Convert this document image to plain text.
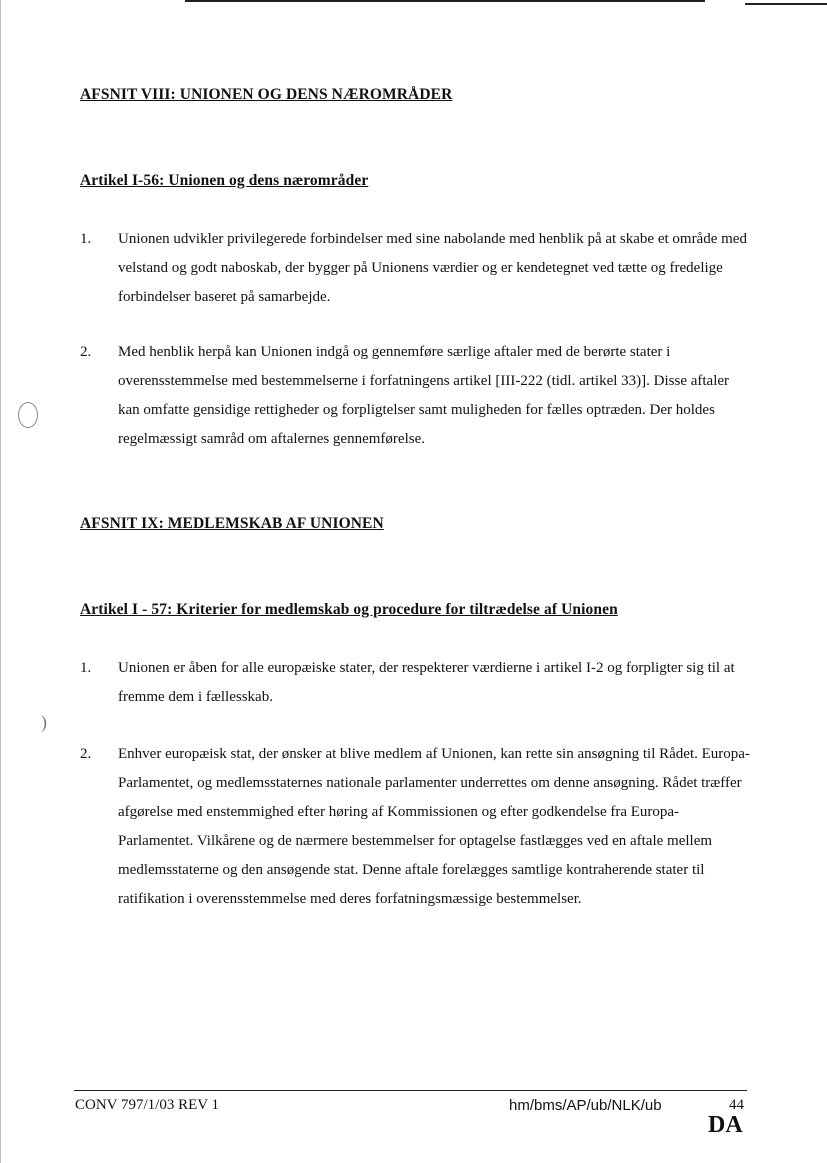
)
AFSNIT VIII: UNIONEN OG DENS NÆROMRÅDER
Artikel I-56: Unionen og dens nærområder
1. Unionen udvikler privilegerede forbindelser med sine nabolande med henblik på at skabe et område med velstand og godt naboskab, der bygger på Unionens værdier og er kendetegnet ved tætte og fredelige forbindelser baseret på samarbejde.
2. Med henblik herpå kan Unionen indgå og gennemføre særlige aftaler med de berørte stater i overensstemmelse med bestemmelserne i forfatningens artikel [III-222 (tidl. artikel 33)]. Disse aftaler kan omfatte gensidige rettigheder og forpligtelser samt muligheden for fælles optræden. Der holdes regelmæssigt samråd om aftalernes gennemførelse.
AFSNIT IX: MEDLEMSKAB AF UNIONEN
Artikel I - 57: Kriterier for medlemskab og procedure for tiltrædelse af Unionen
1. Unionen er åben for alle europæiske stater, der respekterer værdierne i artikel I-2 og forpligter sig til at fremme dem i fællesskab.
2. Enhver europæisk stat, der ønsker at blive medlem af Unionen, kan rette sin ansøgning til Rådet. Europa-Parlamentet, og medlemsstaternes nationale parlamenter underrettes om denne ansøgning. Rådet træffer afgørelse med enstemmighed efter høring af Kommissionen og efter godkendelse fra Europa-Parlamentet. Vilkårene og de nærmere bestemmelser for optagelse fastlægges ved en aftale mellem medlemsstaterne og den ansøgende stat. Denne aftale forelægges samtlige kontraherende stater til ratifikation i overensstemmelse med deres forfatningsmæssige bestemmelser.
CONV 797/1/03 REV 1	hm/bms/AP/ub/NLK/ub	44
DA
